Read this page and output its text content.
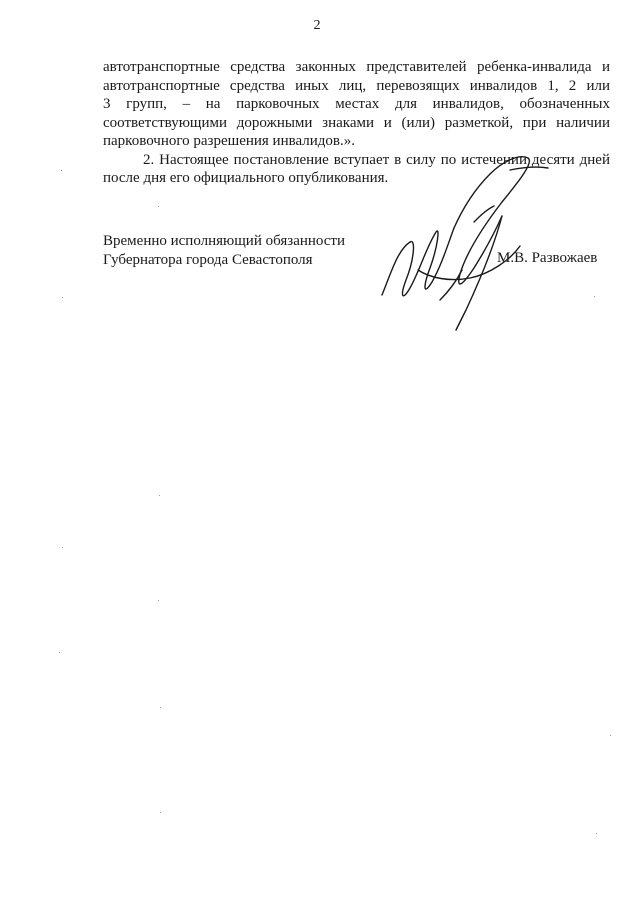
2
автотранспортные средства законных представителей ребенка-инвалида и
автотранспортные средства иных лиц, перевозящих инвалидов 1, 2 или
3 групп, – на парковочных местах для инвалидов, обозначенных
соответствующими дорожными знаками и (или) разметкой, при наличии
парковочного разрешения инвалидов.».
2. Настоящее постановление вступает в силу по истечении десяти дней
после дня его официального опубликования.
Временно исполняющий обязанности
Губернатора города Севастополя	М.В. Развожаев
